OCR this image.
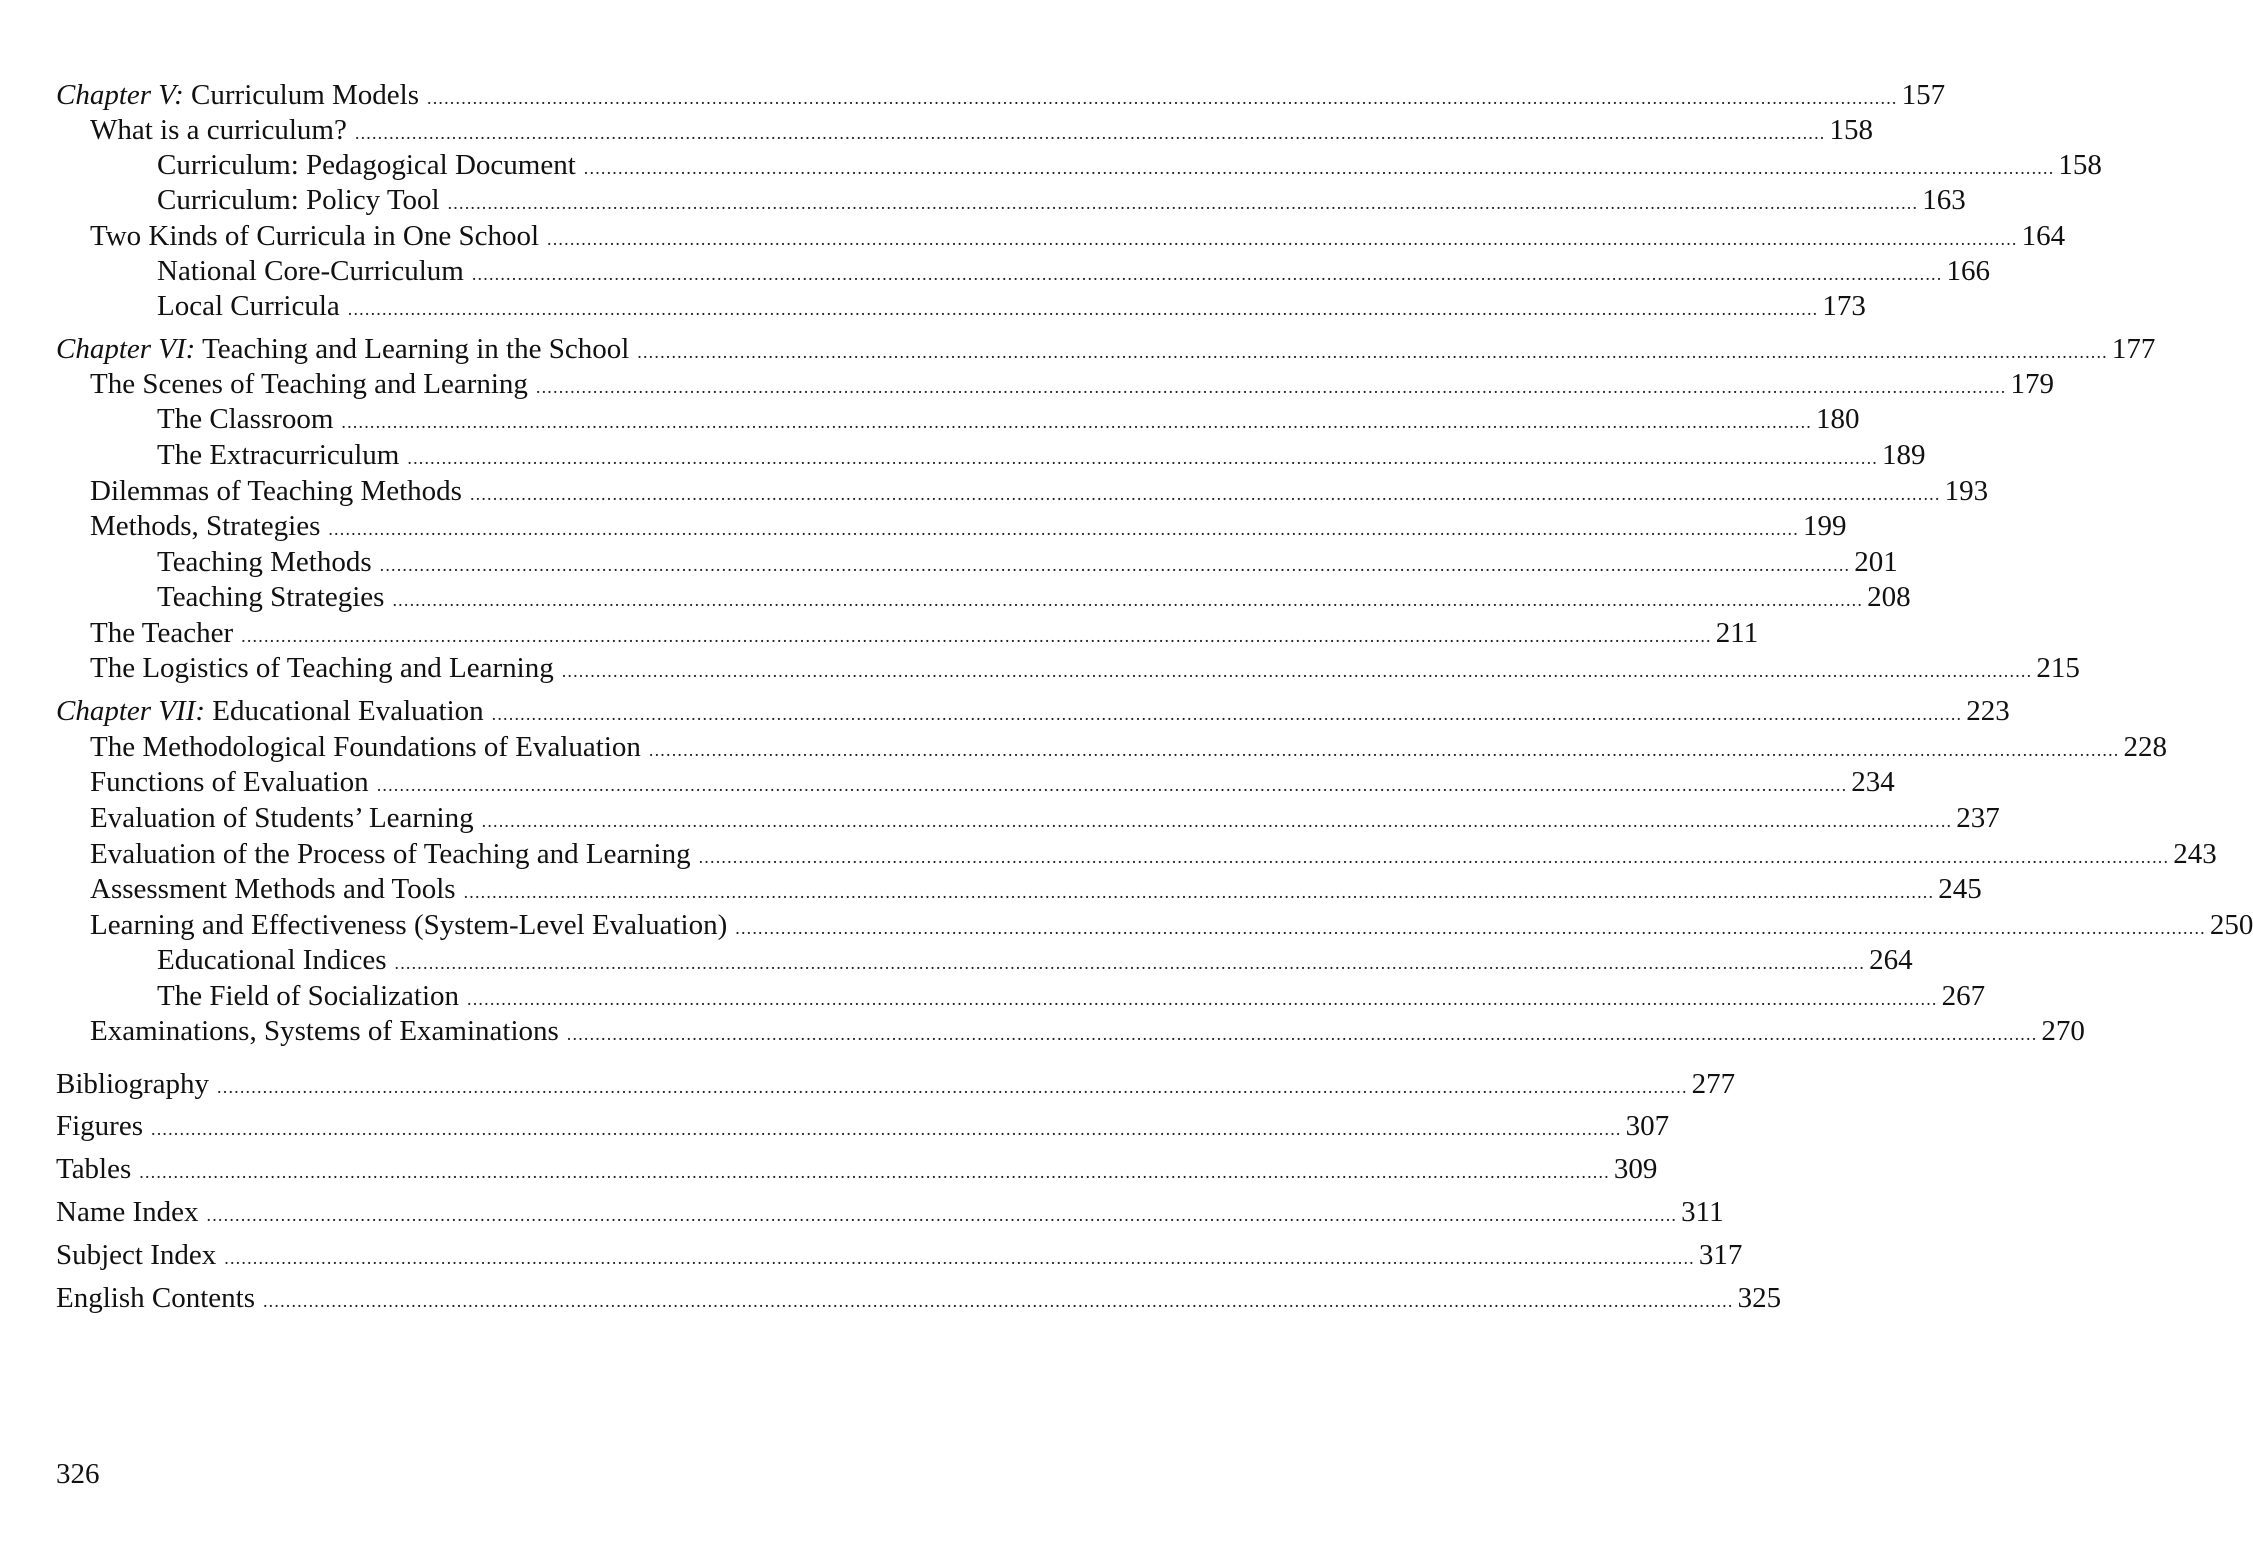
Chapter V: Curriculum Models .....	157
What is a curriculum? .....	158
Curriculum: Pedagogical Document .....	158
Curriculum: Policy Tool .....	163
Two Kinds of Curricula in One School .....	164
National Core-Curriculum .....	166
Local Curricula .....	173
Chapter VI: Teaching and Learning in the School .....	177
The Scenes of Teaching and Learning .....	179
The Classroom .....	180
The Extracurriculum .....	189
Dilemmas of Teaching Methods .....	193
Methods, Strategies .....	199
Teaching Methods .....	201
Teaching Strategies .....	208
The Teacher .....	211
The Logistics of Teaching and Learning .....	215
Chapter VII: Educational Evaluation .....	223
The Methodological Foundations of Evaluation .....	228
Functions of Evaluation .....	234
Evaluation of Students’ Learning .....	237
Evaluation of the Process of Teaching and Learning .....	243
Assessment Methods and Tools .....	245
Learning and Effectiveness (System-Level Evaluation) .....	250
Educational Indices .....	264
The Field of Socialization .....	267
Examinations, Systems of Examinations .....	270
Bibliography .....	277
Figures .....	307
Tables .....	309
Name Index .....	311
Subject Index .....	317
English Contents .....	325
326
